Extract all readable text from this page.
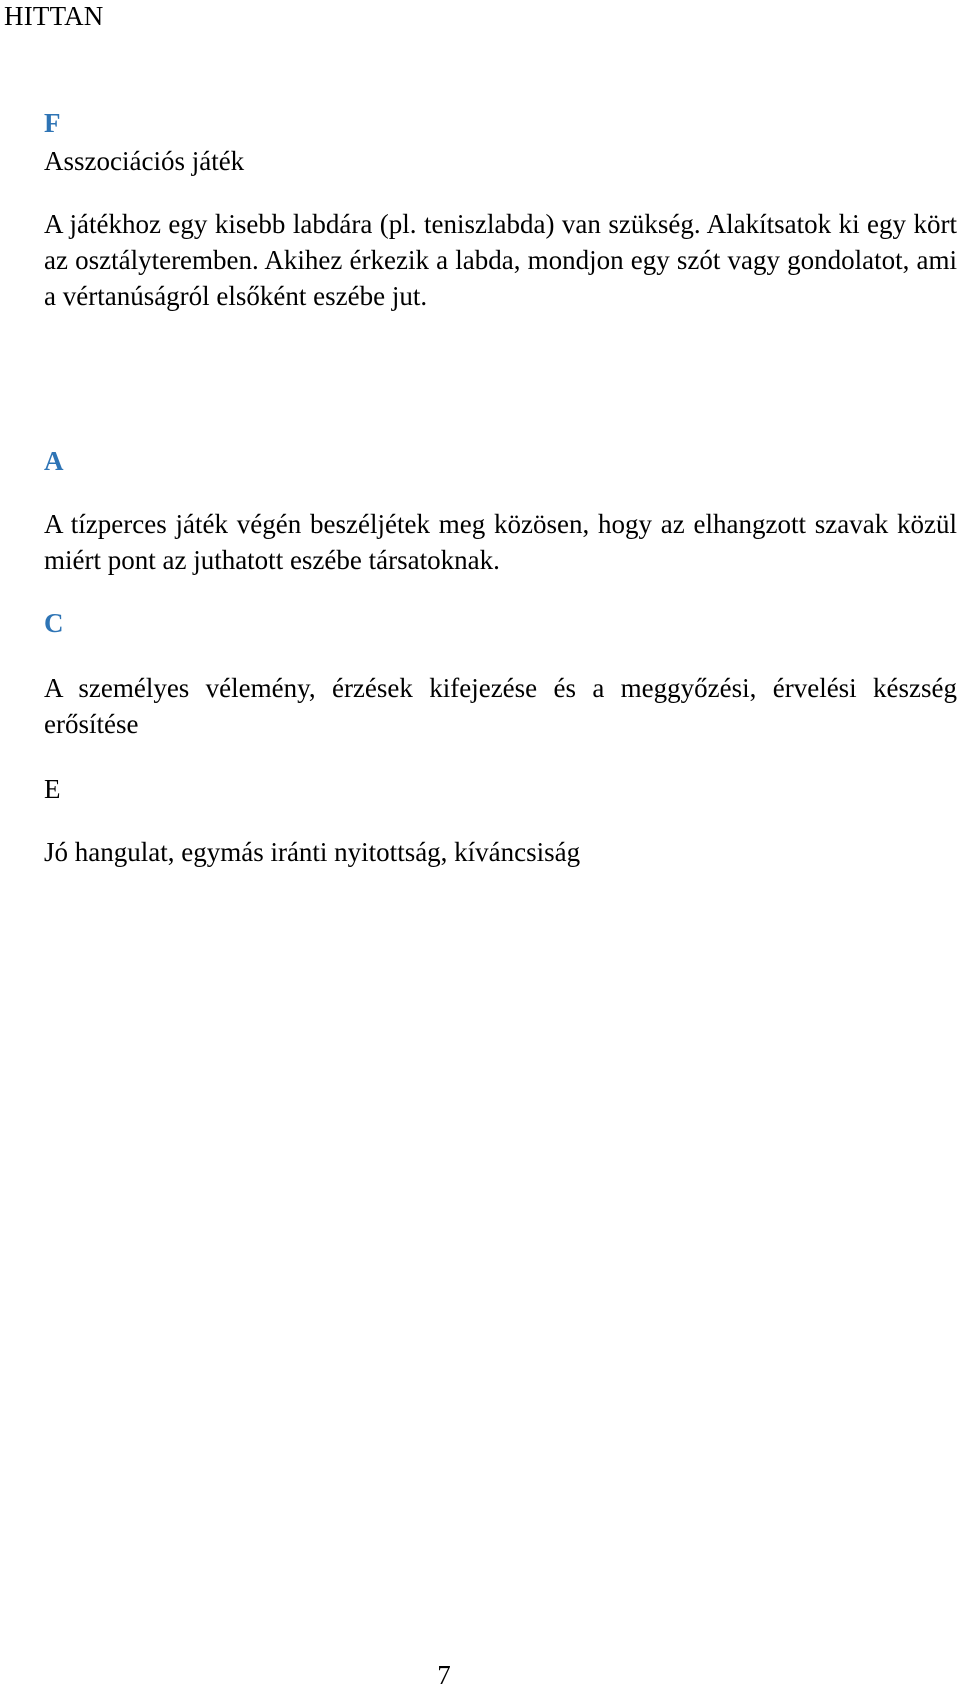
HITTAN
F
Asszociációs játék
A játékhoz egy kisebb labdára (pl. teniszlabda) van szükség. Alakítsatok ki egy kört az osztályteremben. Akihez érkezik a labda, mondjon egy szót vagy gondolatot, ami a vértanúságról elsőként eszébe jut.
A
A tízperces játék végén beszéljétek meg közösen, hogy az elhangzott szavak közül miért pont az juthatott eszébe társatoknak.
C
A személyes vélemény, érzések kifejezése és a meggyőzési, érvelési készség erősítése
E
Jó hangulat, egymás iránti nyitottság, kíváncsiság
7
